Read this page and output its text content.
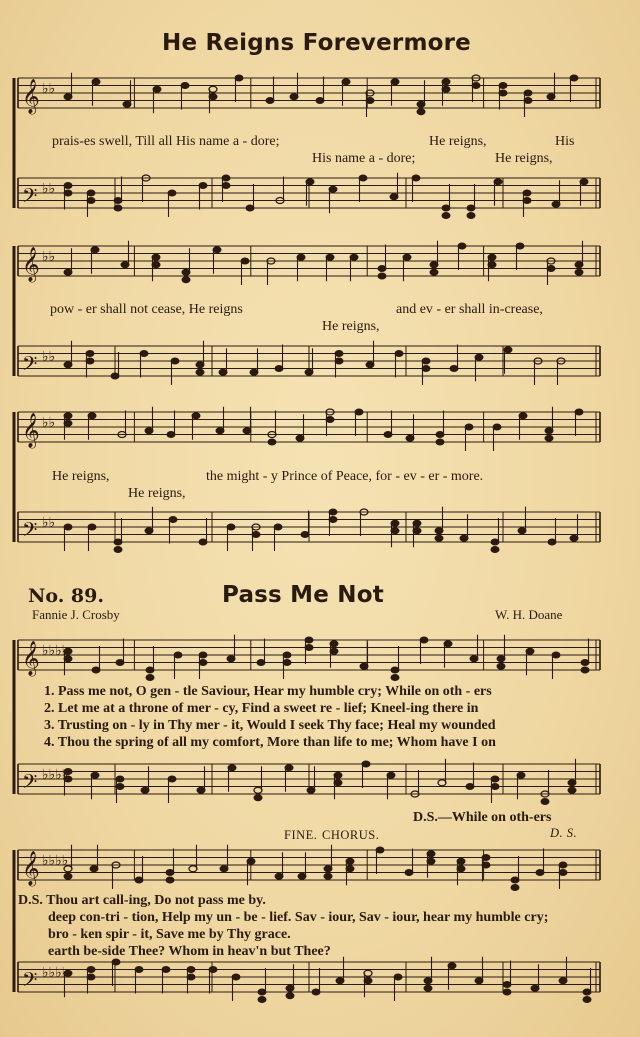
𝄞 ♭♭
𝄢 ♭♭
𝄞 ♭♭
𝄢 ♭♭
𝄞 ♭♭
𝄢 ♭♭
𝄞 ♭♭♭♭
𝄢 ♭♭♭♭
𝄞 ♭♭♭♭
𝄢 ♭♭♭♭
He Reigns Forevermore
prais-es swell, Till all His name a - dore;	He reigns,	His
His name a - dore;	He reigns,
pow - er shall not cease, He reigns	and ev - er shall in-crease,
He reigns,
He reigns,	the might - y Prince of Peace, for - ev - er - more.
He reigns,
No. 89.	Pass Me Not
Fannie J. Crosby	W. H. Doane
1. Pass me not, O gen - tle Saviour, Hear my humble cry; While on oth - ers
2. Let me at a throne of mer - cy, Find a sweet re - lief; Kneel-ing there in
3. Trusting on - ly in Thy mer - it, Would I seek Thy face; Heal my wounded
4. Thou the spring of all my comfort, More than life to me; Whom have I on
D.S.—While on oth-ers
FINE. CHORUS.	D. S.
D.S. Thou art call-ing, Do not pass me by.
deep con-tri - tion, Help my un - be - lief. Sav - iour, Sav - iour, hear my humble cry;
bro - ken spir - it, Save me by Thy grace.
earth be-side Thee? Whom in heav'n but Thee?
